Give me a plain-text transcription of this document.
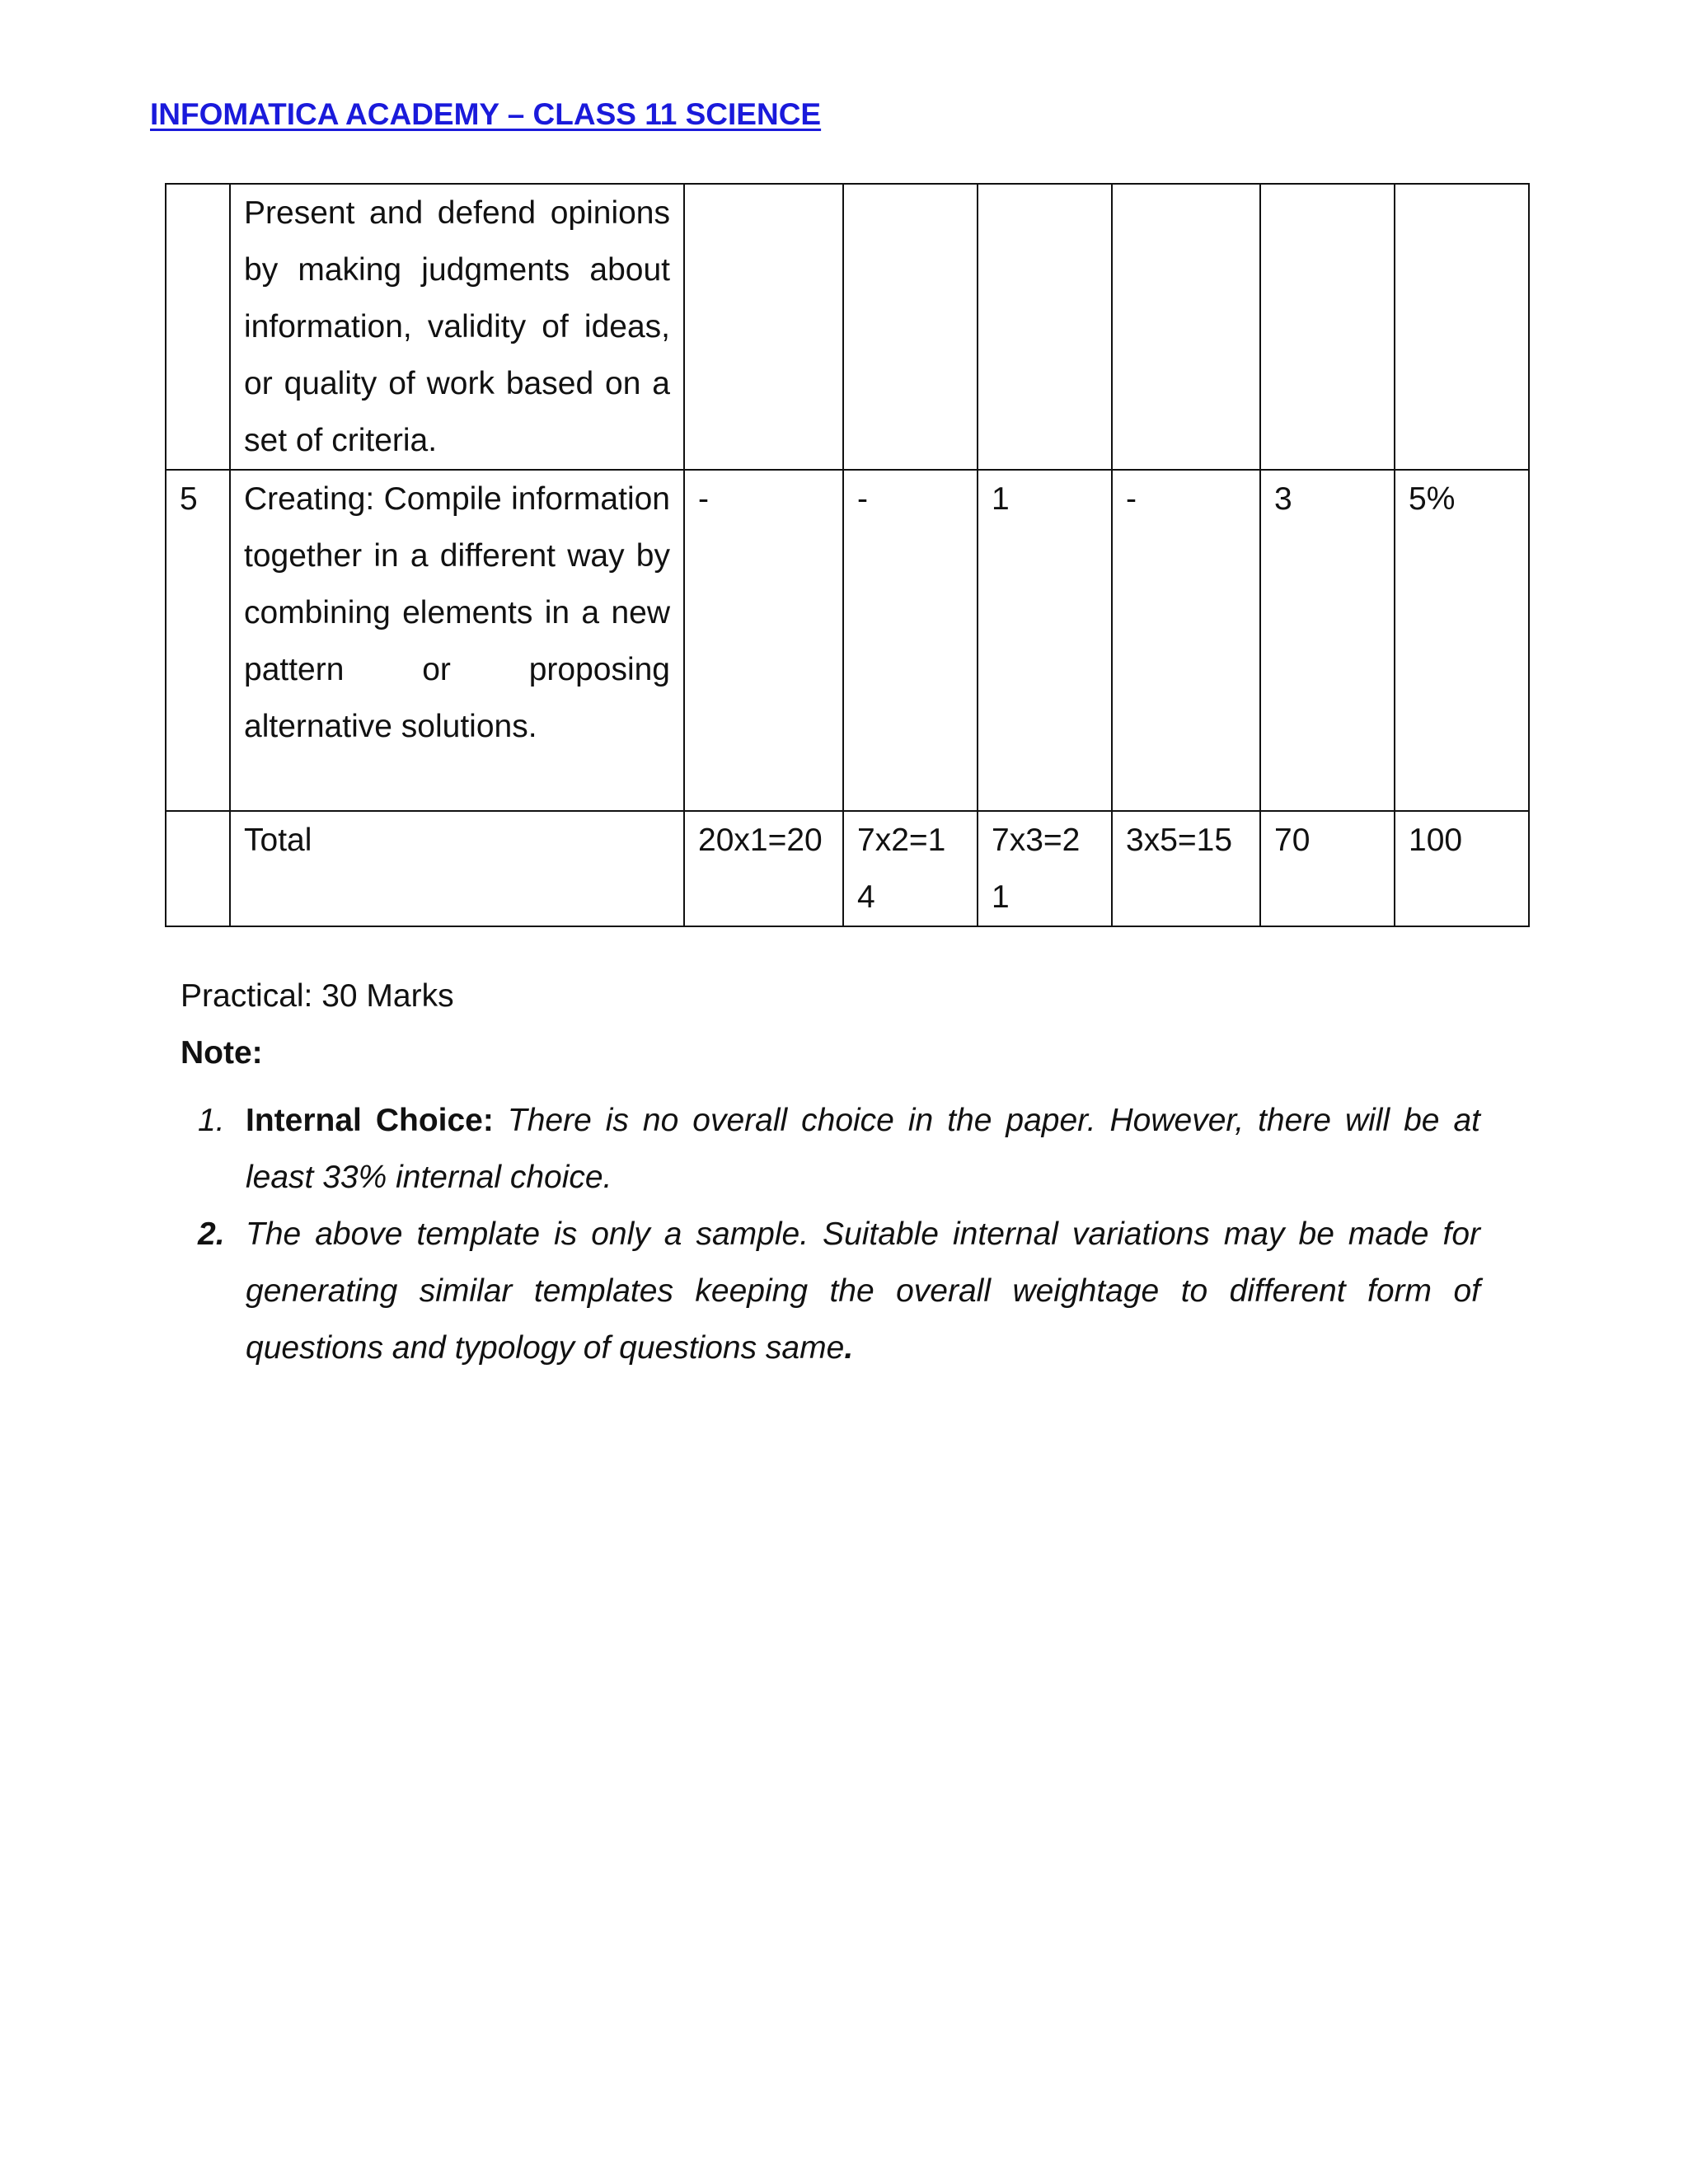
INFOMATICA ACADEMY – CLASS 11 SCIENCE
	Present and defend opinions by making judgments about information, validity of ideas, or quality of work based on a set of criteria.						
5	Creating: Compile information together in a different way by combining elements in a new pattern or proposing alternative solutions.	-	-	1	-	3	5%
	Total	20x1=20	7x2=14	7x3=21	3x5=15	70	100
Practical: 30 Marks
Note:
1. Internal Choice: There is no overall choice in the paper. However, there will be at least 33% internal choice.
2. The above template is only a sample. Suitable internal variations may be made for generating similar templates keeping the overall weightage to different form of questions and typology of questions same.
